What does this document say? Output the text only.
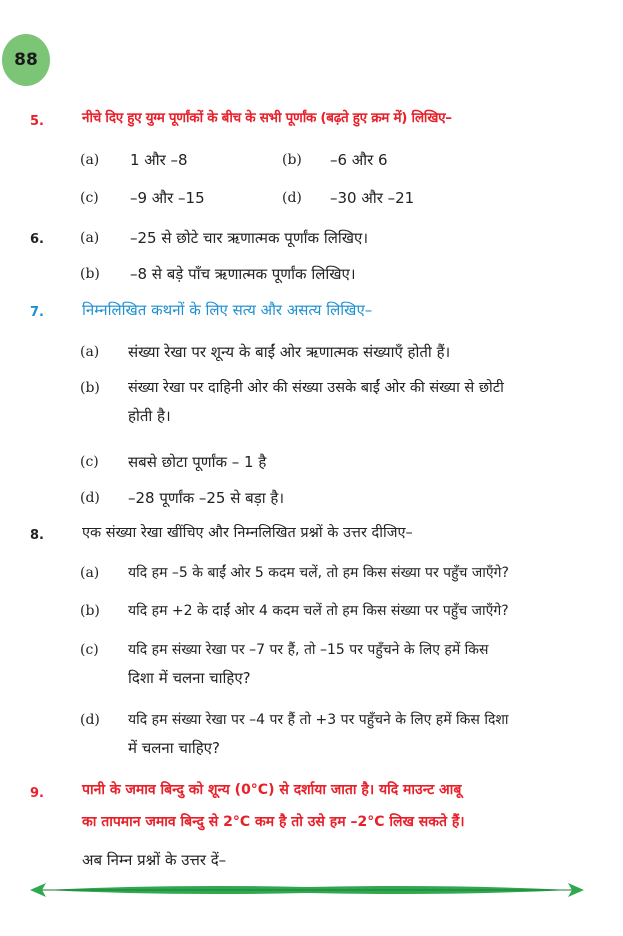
88
5.	नीचे दिए हुए युग्म पूर्णांकों के बीच के सभी पूर्णांक (बढ़ते हुए क्रम में) लिखिए–
(a) 1 और –8	(b) –6 और 6
(c) –9 और –15	(d) –30 और –21
6.	(a) –25 से छोटे चार ऋणात्मक पूर्णांक लिखिए।
(b) –8 से बड़े पाँच ऋणात्मक पूर्णांक लिखिए।
7.	निम्नलिखित कथनों के लिए सत्य और असत्य लिखिए–
(a) संख्या रेखा पर शून्य के बाईं ओर ऋणात्मक संख्याएँ होती हैं।
(b) संख्या रेखा पर दाहिनी ओर की संख्या उसके बाईं ओर की संख्या से छोटी
होती है।
(c) सबसे छोटा पूर्णांक – 1 है
(d) –28 पूर्णांक –25 से बड़ा है।
8.	एक संख्या रेखा खींचिए और निम्नलिखित प्रश्नों के उत्तर दीजिए–
(a) यदि हम –5 के बाईं ओर 5 कदम चलें, तो हम किस संख्या पर पहुँच जाएँगे?
(b) यदि हम +2 के दाईं ओर 4 कदम चलें तो हम किस संख्या पर पहुँच जाएँगे?
(c) यदि हम संख्या रेखा पर –7 पर हैं, तो –15 पर पहुँचने के लिए हमें किस
दिशा में चलना चाहिए?
(d) यदि हम संख्या रेखा पर –4 पर हैं तो +3 पर पहुँचने के लिए हमें किस दिशा
में चलना चाहिए?
9.	पानी के जमाव बिन्दु को शून्य (0°C) से दर्शाया जाता है। यदि माउन्ट आबू
का तापमान जमाव बिन्दु से 2°C कम है तो उसे हम –2°C लिख सकते हैं।
अब निम्न प्रश्नों के उत्तर दें–
